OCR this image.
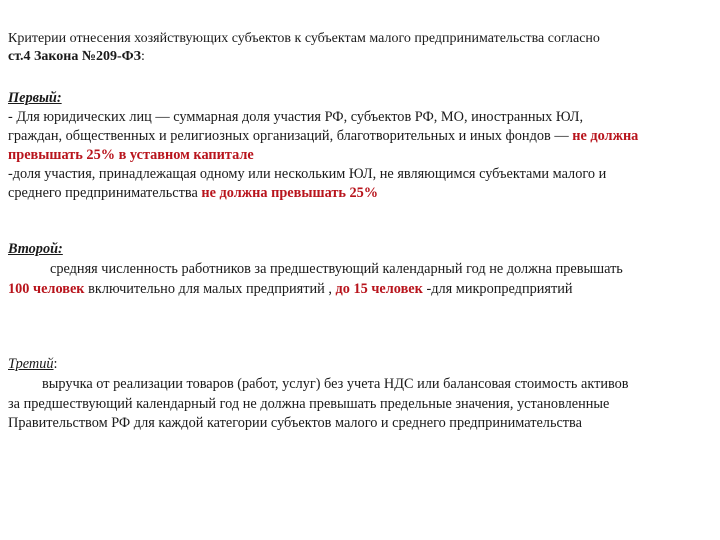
Критерии отнесения хозяйствующих субъектов к субъектам малого предпринимательства согласно
ст.4 Закона №209-ФЗ:
Первый:
- Для юридических лиц — суммарная доля участия РФ, субъектов РФ, МО, иностранных ЮЛ,
граждан, общественных и религиозных организаций, благотворительных и иных фондов — не должна
превышать 25% в уставном капитале
-доля участия, принадлежащая одному или нескольким ЮЛ, не являющимся субъектами малого и
среднего предпринимательства не должна превышать 25%
Второй:
средняя численность работников за предшествующий календарный год не должна превышать
100 человек включительно для малых предприятий , до 15 человек -для микропредприятий
Третий:
выручка от реализации товаров (работ, услуг) без учета НДС или балансовая стоимость активов
за предшествующий календарный год не должна превышать предельные значения, установленные
Правительством РФ для каждой категории субъектов малого и среднего предпринимательства
